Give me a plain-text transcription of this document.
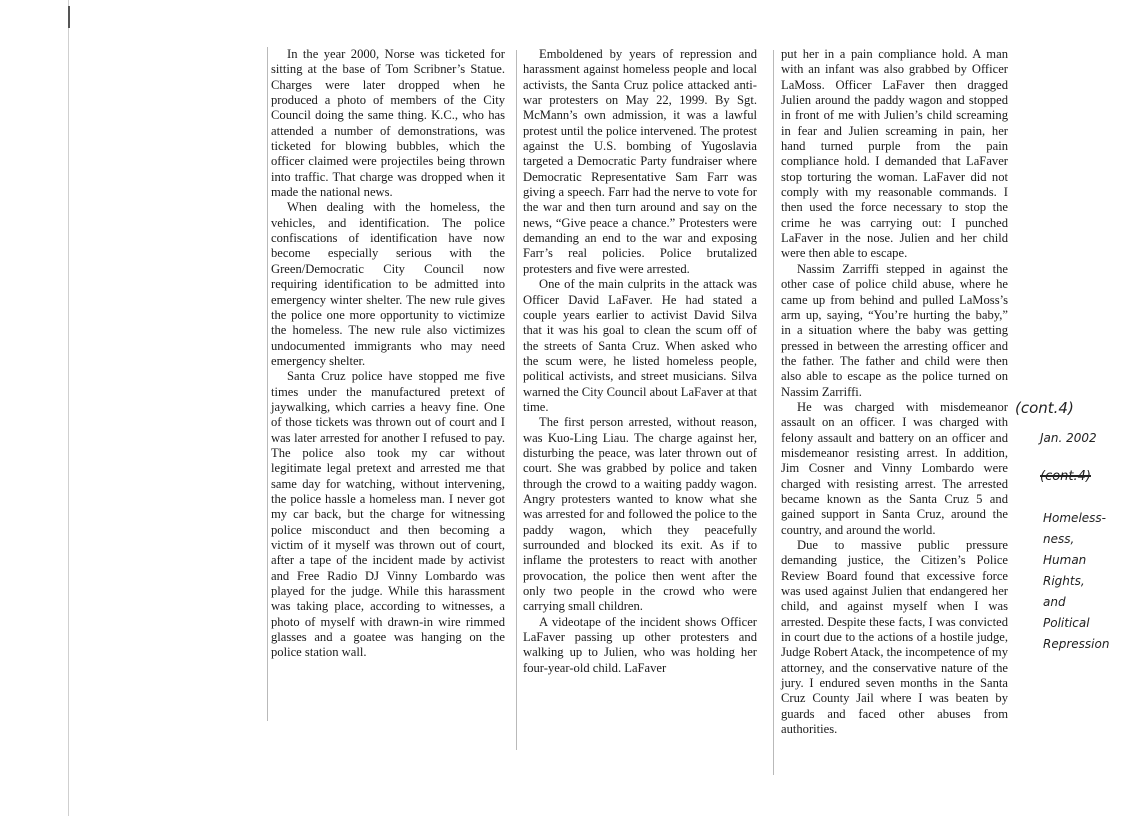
In the year 2000, Norse was ticketed for sitting at the base of Tom Scribner’s Statue. Charges were later dropped when he produced a photo of members of the City Council doing the same thing. K.C., who has attended a number of demonstrations, was ticketed for blowing bubbles, which the officer claimed were projectiles being thrown into traffic. That charge was dropped when it made the national news.

When dealing with the homeless, the vehicles, and identification. The police confiscations of identification have now become especially serious with the Green/Democratic City Council now requiring identification to be admitted into emergency winter shelter. The new rule gives the police one more opportunity to victimize the homeless. The new rule also victimizes undocumented immigrants who may need emergency shelter.

Santa Cruz police have stopped me five times under the manufactured pretext of jaywalking, which carries a heavy fine. One of those tickets was thrown out of court and I was later arrested for another I refused to pay. The police also took my car without legitimate legal pretext and arrested me that same day for watching, without intervening, the police hassle a homeless man. I never got my car back, but the charge for witnessing police misconduct and then becoming a victim of it myself was thrown out of court, after a tape of the incident made by activist and Free Radio DJ Vinny Lombardo was played for the judge. While this harassment was taking place, according to witnesses, a photo of myself with drawn-in wire rimmed glasses and a goatee was hanging on the police station wall.

Emboldened by years of repression and harassment against homeless people and local activists, the Santa Cruz police attacked anti-war protesters on May 22, 1999. By Sgt. McMann’s own admission, it was a lawful protest until the police intervened. The protest against the U.S. bombing of Yugoslavia targeted a Democratic Party fundraiser where Democratic Representative Sam Farr was giving a speech. Farr had the nerve to vote for the war and then turn around and say on the news, “Give peace a chance.” Protesters were demanding an end to the war and exposing Farr’s real policies. Police brutalized protesters and five were arrested.

One of the main culprits in the attack was Officer David LaFaver. He had stated a couple years earlier to activist David Silva that it was his goal to clean the scum off of the streets of Santa Cruz. When asked who the scum were, he listed homeless people, political activists, and street musicians. Silva warned the City Council about LaFaver at that time.

The first person arrested, without reason, was Kuo-Ling Liau. The charge against her, disturbing the peace, was later thrown out of court. She was grabbed by police and taken through the crowd to a waiting paddy wagon. Angry protesters wanted to know what she was arrested for and followed the police to the paddy wagon, which they peacefully surrounded and blocked its exit. As if to inflame the protesters to react with another provocation, the police then went after the only two people in the crowd who were carrying small children.

A videotape of the incident shows Officer LaFaver passing up other protesters and walking up to Julien, who was holding her four-year-old child. LaFaver

put her in a pain compliance hold. A man with an infant was also grabbed by Officer LaMoss. Officer LaFaver then dragged Julien around the paddy wagon and stopped in front of me with Julien’s child screaming in fear and Julien screaming in pain, her hand turned purple from the pain compliance hold. I demanded that LaFaver stop torturing the woman. LaFaver did not comply with my reasonable commands. I then used the force necessary to stop the crime he was carrying out: I punched LaFaver in the nose. Julien and her child were then able to escape.

Nassim Zarriffi stepped in against the other case of police child abuse, where he came up from behind and pulled LaMoss’s arm up, saying, “You’re hurting the baby,” in a situation where the baby was getting pressed in between the arresting officer and the father. The father and child were then also able to escape as the police turned on Nassim Zarriffi.

He was charged with misdemeanor assault on an officer. I was charged with felony assault and battery on an officer and misdemeanor resisting arrest. In addition, Jim Cosner and Vinny Lombardo were charged with resisting arrest. The arrested became known as the Santa Cruz 5 and gained support in Santa Cruz, around the country, and around the world.

Due to massive public pressure demanding justice, the Citizen’s Police Review Board found that excessive force was used against Julien that endangered her child, and against myself when I was arrested. Despite these facts, I was convicted in court due to the actions of a hostile judge, Judge Robert Atack, the incompetence of my attorney, and the conservative nature of the jury. I endured seven months in the Santa Cruz County Jail where I was beaten by guards and faced other abuses from authorities.

(cont.4)
Jan. 2002
(cont.4)
Homeless-
ness,
Human
Rights,
and
Political
Repression
